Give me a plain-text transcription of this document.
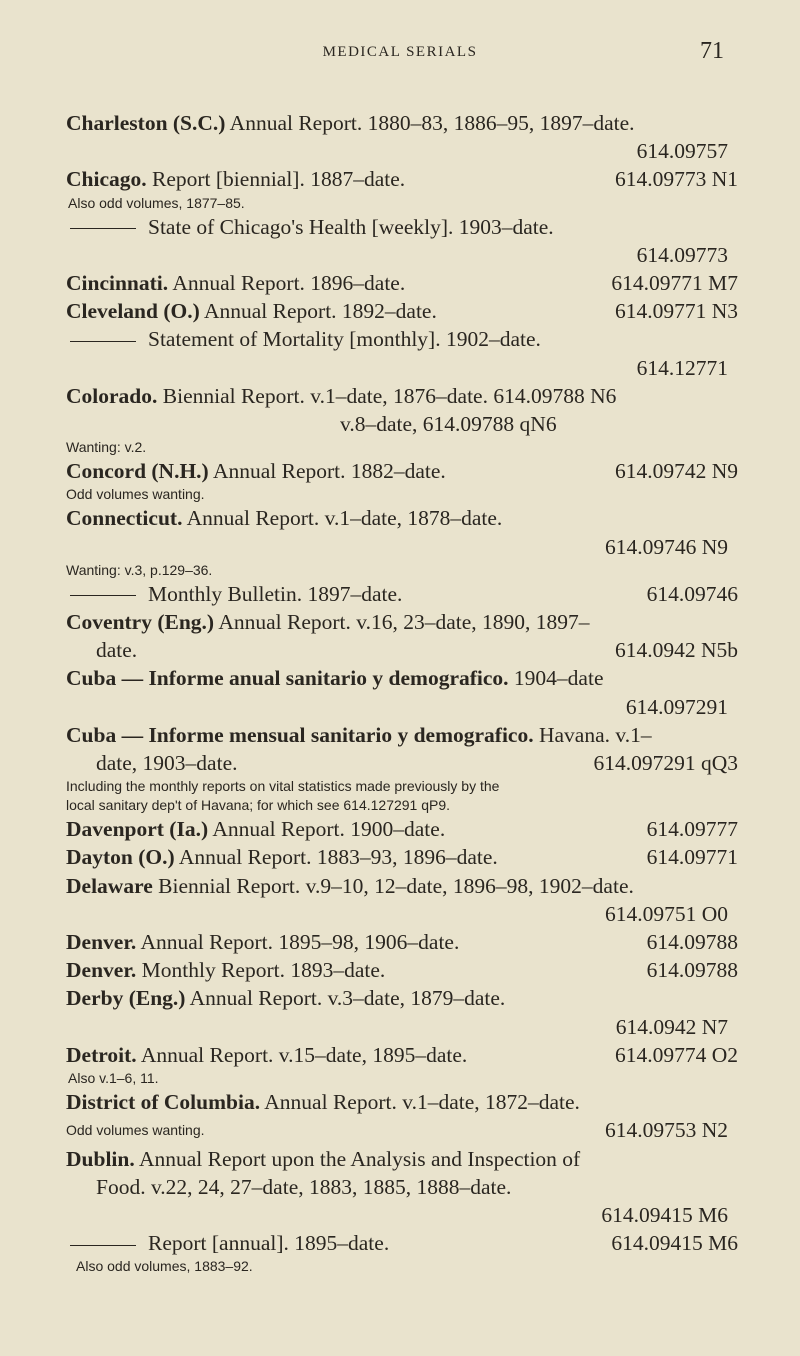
MEDICAL SERIALS	71
Charleston (S.C.) Annual Report. 1880–83, 1886–95, 1897–date.
614.09757
Chicago. Report [biennial]. 1887–date.	614.09773 N1
Also odd volumes, 1877–85.
State of Chicago's Health [weekly]. 1903–date.
614.09773
Cincinnati. Annual Report. 1896–date.	614.09771 M7
Cleveland (O.) Annual Report. 1892–date.	614.09771 N3
Statement of Mortality [monthly]. 1902–date.
614.12771
Colorado. Biennial Report. v.1–date, 1876–date. 614.09788 N6
v.8–date, 614.09788 qN6
Wanting: v.2.
Concord (N.H.) Annual Report. 1882–date.	614.09742 N9
Odd volumes wanting.
Connecticut. Annual Report. v.1–date, 1878–date.
614.09746 N9
Wanting: v.3, p.129–36.
Monthly Bulletin. 1897–date.	614.09746
Coventry (Eng.) Annual Report. v.16, 23–date, 1890, 1897–
date.	614.0942 N5b
Cuba — Informe anual sanitario y demografico. 1904–date
614.097291
Cuba — Informe mensual sanitario y demografico. Havana. v.1–
date, 1903–date.	614.097291 qQ3
Including the monthly reports on vital statistics made previously by the
local sanitary dep't of Havana; for which see 614.127291 qP9.
Davenport (Ia.) Annual Report. 1900–date.	614.09777
Dayton (O.) Annual Report. 1883–93, 1896–date.	614.09771
Delaware Biennial Report. v.9–10, 12–date, 1896–98, 1902–date.
614.09751 O0
Denver. Annual Report. 1895–98, 1906–date.	614.09788
Denver. Monthly Report. 1893–date.	614.09788
Derby (Eng.) Annual Report. v.3–date, 1879–date.
614.0942 N7
Detroit. Annual Report. v.15–date, 1895–date.	614.09774 O2
Also v.1–6, 11.
District of Columbia. Annual Report. v.1–date, 1872–date.
Odd volumes wanting.	614.09753 N2
Dublin. Annual Report upon the Analysis and Inspection of
Food. v.22, 24, 27–date, 1883, 1885, 1888–date.
614.09415 M6
Report [annual]. 1895–date.	614.09415 M6
Also odd volumes, 1883–92.
